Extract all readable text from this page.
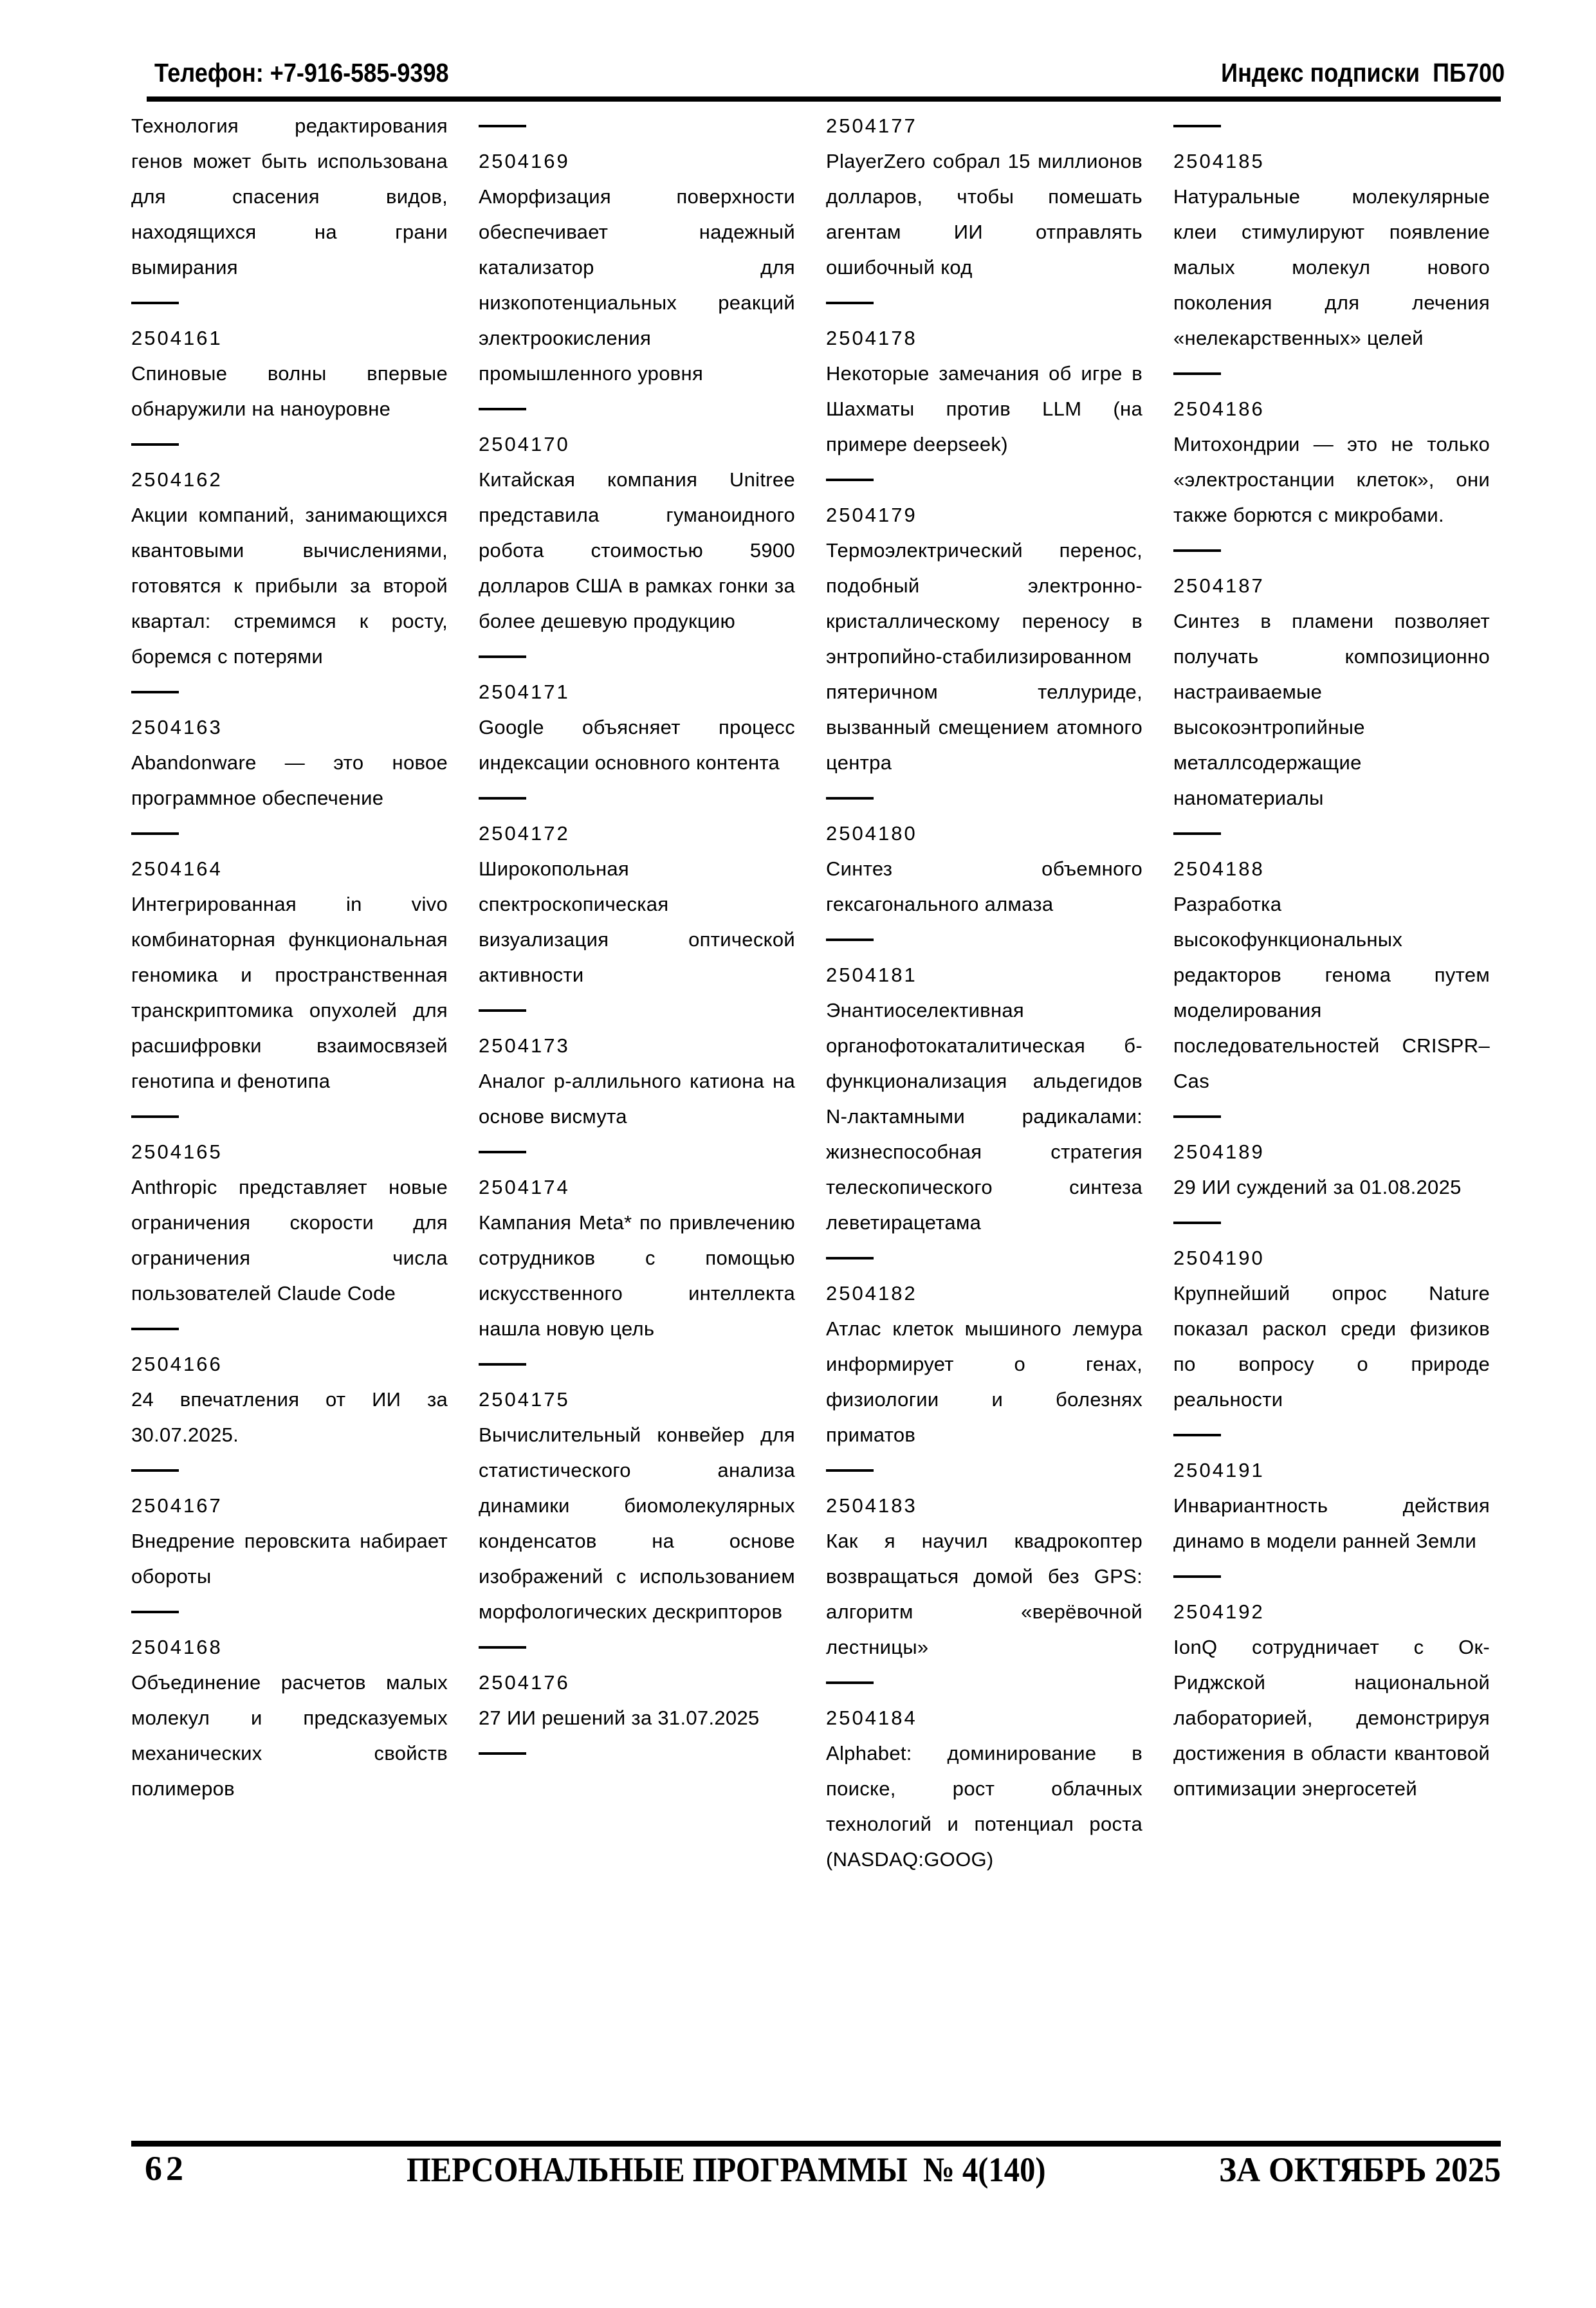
Телефон: +7-916-585-9398	Индекс подписки  ПБ700
Технология редактирования генов может быть использована для спасения видов, находящихся на грани вымирания
2504161
Спиновые волны впервые обнаружили на наноуровне
2504162
Акции компаний, занимающихся квантовыми вычислениями, готовятся к прибыли за второй квартал: стремимся к росту, боремся с потерями
2504163
Abandonware — это новое программное обеспечение
2504164
Интегрированная in vivo комбинаторная функциональная геномика и пространственная транскриптомика опухолей для расшифровки взаимосвязей генотипа и фенотипа
2504165
Anthropic представляет новые ограничения скорости для ограничения числа пользователей Claude Code
2504166
24 впечатления от ИИ за 30.07.2025.
2504167
Внедрение перовскита набирает обороты
2504168
Объединение расчетов малых молекул и предсказуемых механических свойств полимеров
2504169
Аморфизация поверхности обеспечивает надежный катализатор для низкопотенциальных реакций электроокисления промышленного уровня
2504170
Китайская компания Unitree представила гуманоидного робота стоимостью 5900 долларов США в рамках гонки за более дешевую продукцию
2504171
Google объясняет процесс индексации основного контента
2504172
Широкопольная спектроскопическая визуализация оптической активности
2504173
Аналог p-аллильного катиона на основе висмута
2504174
Кампания Meta* по привлечению сотрудников с помощью искусственного интеллекта нашла новую цель
2504175
Вычислительный конвейер для статистического анализа динамики биомолекулярных конденсатов на основе изображений с использованием морфологических дескрипторов
2504176
27 ИИ решений за 31.07.2025
2504177
PlayerZero собрал 15 миллионов долларов, чтобы помешать агентам ИИ отправлять ошибочный код
2504178
Некоторые замечания об игре в Шахматы против LLM (на примере deepseek)
2504179
Термоэлектрический перенос, подобный электронно-кристаллическому переносу в энтропийно-стабилизированном пятеричном теллуриде, вызванный смещением атомного центра
2504180
Синтез объемного гексагонального алмаза
2504181
Энантиоселективная органофотокаталитическая б-функционализация альдегидов N-лактамными радикалами: жизнеспособная стратегия телескопического синтеза леветирацетама
2504182
Атлас клеток мышиного лемура информирует о генах, физиологии и болезнях приматов
2504183
Как я научил квадрокоптер возвращаться домой без GPS: алгоритм «верёвочной лестницы»
2504184
Alphabet: доминирование в поиске, рост облачных технологий и потенциал роста (NASDAQ:GOOG)
2504185
Натуральные молекулярные клеи стимулируют появление малых молекул нового поколения для лечения «нелекарственных» целей
2504186
Митохондрии — это не только «электростанции клеток», они также борются с микробами.
2504187
Синтез в пламени позволяет получать композиционно настраиваемые высокоэнтропийные металлсодержащие наноматериалы
2504188
Разработка высокофункциональных редакторов генома путем моделирования последовательностей CRISPR–Cas
2504189
29 ИИ суждений за 01.08.2025
2504190
Крупнейший опрос Nature показал раскол среди физиков по вопросу о природе реальности
2504191
Инвариантность действия динамо в модели ранней Земли
2504192
IonQ сотрудничает с Ок-Риджской национальной лабораторией, демонстрируя достижения в области квантовой оптимизации энергосетей

62

	ПЕРСОНАЛЬНЫЕ ПРОГРАММЫ  № 4(140)

	ЗА ОКТЯБРЬ 2025
